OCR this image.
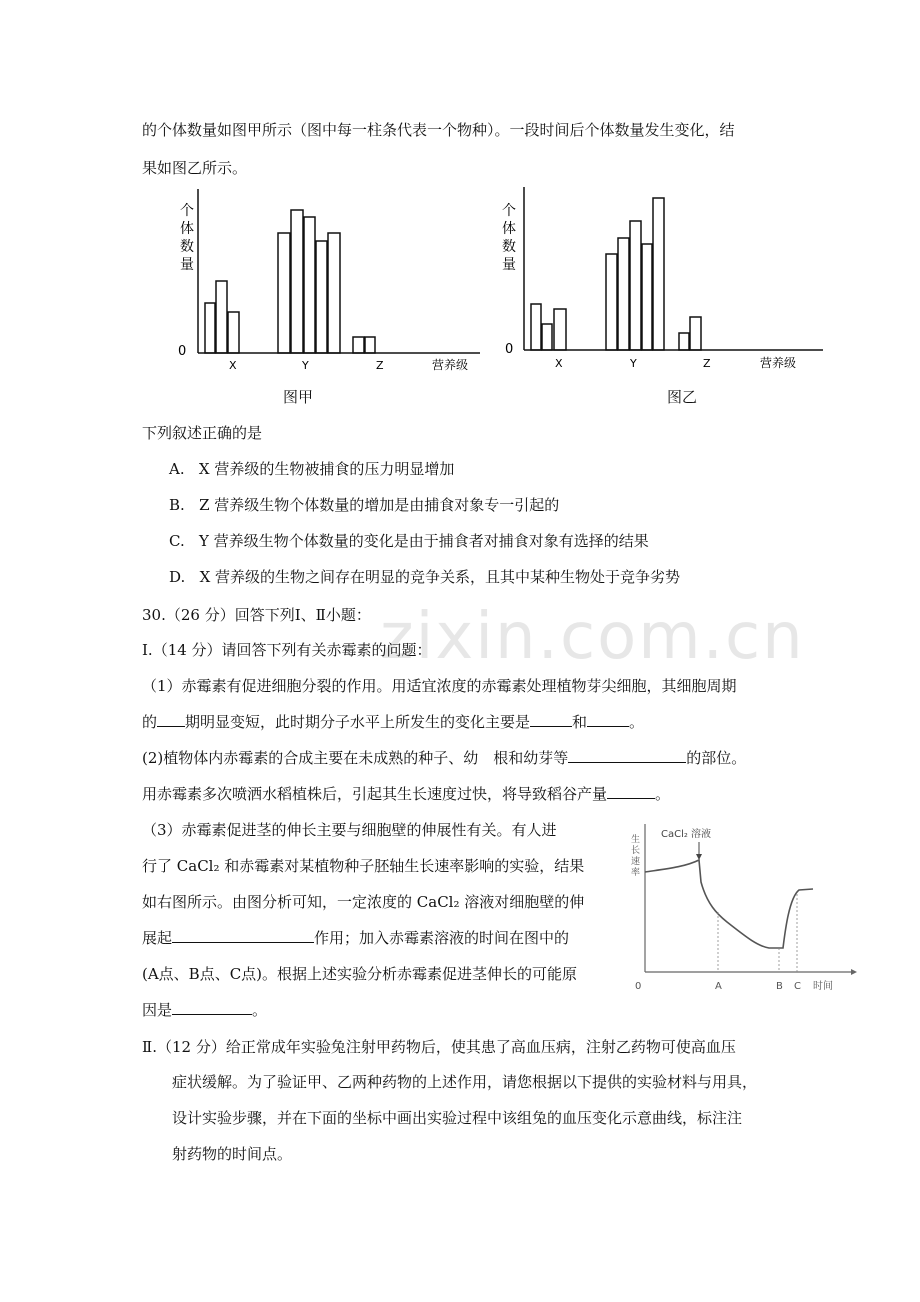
zixin.com.cn
的个体数量如图甲所示（图中每一柱条代表一个物种）。一段时间后个体数量发生变化，结
果如图乙所示。
个
体
数
量
0
X	Y	Z	营养级
图甲
个
体
数
量
0
X	Y	Z	营养级
图乙
下列叙述正确的是
A. X 营养级的生物被捕食的压力明显增加
B. Z 营养级生物个体数量的增加是由捕食对象专一引起的
C. Y 营养级生物个体数量的变化是由于捕食者对捕食对象有选择的结果
D. X 营养级的生物之间存在明显的竞争关系，且其中某种生物处于竞争劣势
30.（26 分）回答下列Ⅰ、Ⅱ小题：
Ⅰ.（14 分）请回答下列有关赤霉素的问题：
（1）赤霉素有促进细胞分裂的作用。用适宜浓度的赤霉素处理植物芽尖细胞，其细胞周期
的 期明显变短，此时期分子水平上所发生的变化主要是	和	。
(2)植物体内赤霉素的合成主要在未成熟的种子、幼　根和幼芽等	的部位。
用赤霉素多次喷洒水稻植株后，引起其生长速度过快，将导致稻谷产量	。
（3）赤霉素促进茎的伸长主要与细胞壁的伸展性有关。有人进
行了 CaCl₂ 和赤霉素对某植物种子胚轴生长速率影响的实验，结果
如右图所示。由图分析可知，一定浓度的 CaCl₂ 溶液对细胞壁的伸
展起	作用；加入赤霉素溶液的时间在图中的
(A点、B点、C点)。根据上述实验分析赤霉素促进茎伸长的可能原
因是	。
生
长
速
率
CaCl₂ 溶液
0	A	B C 时间
Ⅱ.（12 分）给正常成年实验兔注射甲药物后，使其患了高血压病，注射乙药物可使高血压
症状缓解。为了验证甲、乙两种药物的上述作用，请您根据以下提供的实验材料与用具，
设计实验步骤，并在下面的坐标中画出实验过程中该组兔的血压变化示意曲线，标注注
射药物的时间点。
